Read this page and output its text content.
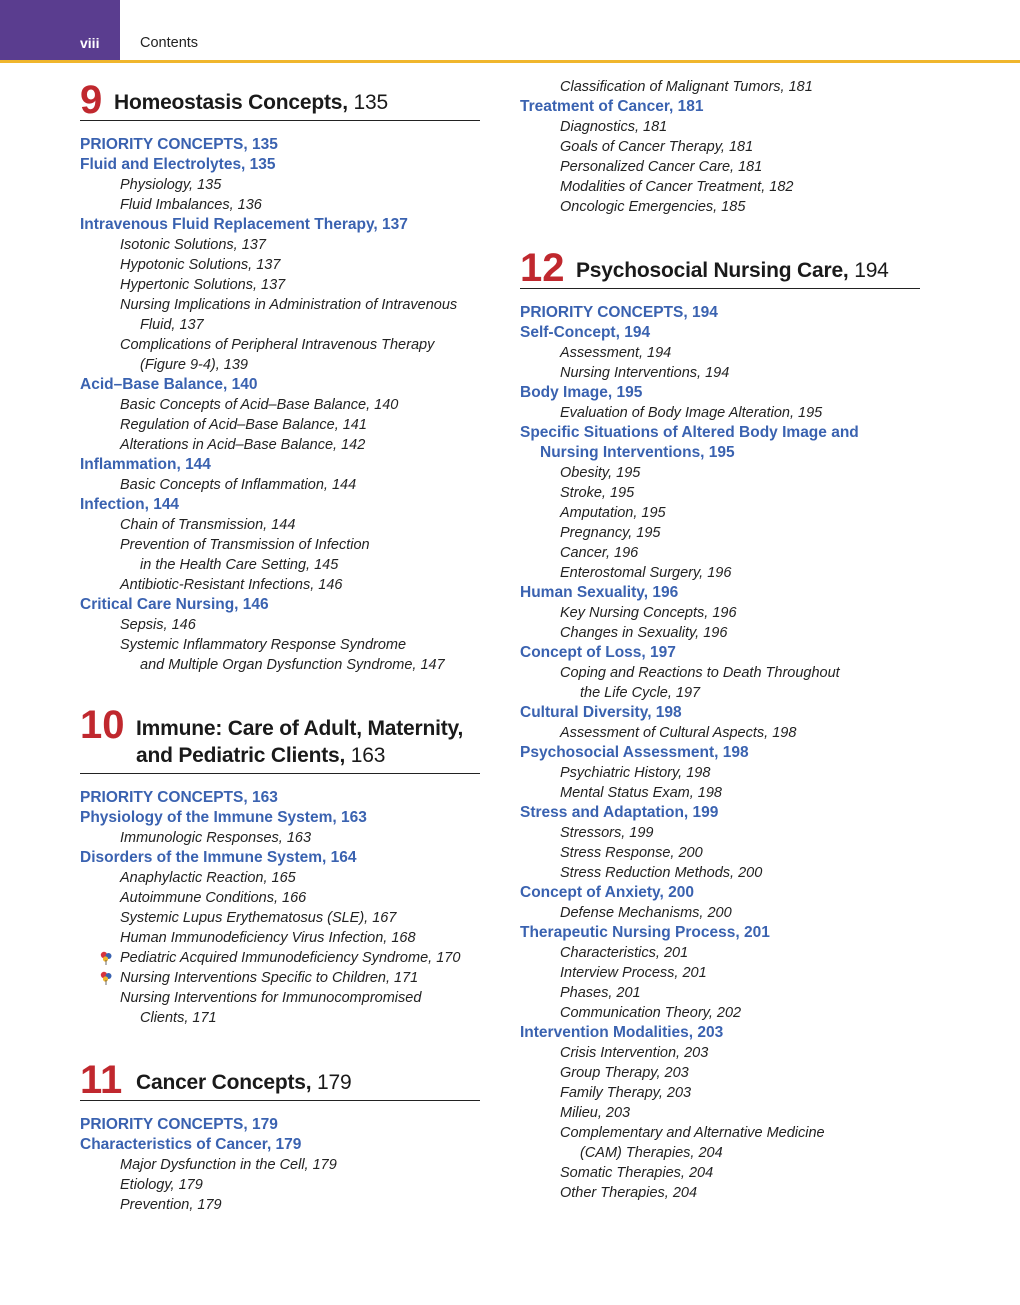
viii	Contents
9 Homeostasis Concepts, 135
PRIORITY CONCEPTS, 135
Fluid and Electrolytes, 135
Physiology, 135
Fluid Imbalances, 136
Intravenous Fluid Replacement Therapy, 137
Isotonic Solutions, 137
Hypotonic Solutions, 137
Hypertonic Solutions, 137
Nursing Implications in Administration of Intravenous
Fluid, 137
Complications of Peripheral Intravenous Therapy
(Figure 9-4), 139
Acid–Base Balance, 140
Basic Concepts of Acid–Base Balance, 140
Regulation of Acid–Base Balance, 141
Alterations in Acid–Base Balance, 142
Inflammation, 144
Basic Concepts of Inflammation, 144
Infection, 144
Chain of Transmission, 144
Prevention of Transmission of Infection
in the Health Care Setting, 145
Antibiotic-Resistant Infections, 146
Critical Care Nursing, 146
Sepsis, 146
Systemic Inflammatory Response Syndrome
and Multiple Organ Dysfunction Syndrome, 147
10 Immune: Care of Adult, Maternity,
and Pediatric Clients, 163
PRIORITY CONCEPTS, 163
Physiology of the Immune System, 163
Immunologic Responses, 163
Disorders of the Immune System, 164
Anaphylactic Reaction, 165
Autoimmune Conditions, 166
Systemic Lupus Erythematosus (SLE), 167
Human Immunodeficiency Virus Infection, 168
Pediatric Acquired Immunodeficiency Syndrome, 170
Nursing Interventions Specific to Children, 171
Nursing Interventions for Immunocompromised
Clients, 171
11 Cancer Concepts, 179
PRIORITY CONCEPTS, 179
Characteristics of Cancer, 179
Major Dysfunction in the Cell, 179
Etiology, 179
Prevention, 179
Classification of Malignant Tumors, 181
Treatment of Cancer, 181
Diagnostics, 181
Goals of Cancer Therapy, 181
Personalized Cancer Care, 181
Modalities of Cancer Treatment, 182
Oncologic Emergencies, 185
12 Psychosocial Nursing Care, 194
PRIORITY CONCEPTS, 194
Self-Concept, 194
Assessment, 194
Nursing Interventions, 194
Body Image, 195
Evaluation of Body Image Alteration, 195
Specific Situations of Altered Body Image and
Nursing Interventions, 195
Obesity, 195
Stroke, 195
Amputation, 195
Pregnancy, 195
Cancer, 196
Enterostomal Surgery, 196
Human Sexuality, 196
Key Nursing Concepts, 196
Changes in Sexuality, 196
Concept of Loss, 197
Coping and Reactions to Death Throughout
the Life Cycle, 197
Cultural Diversity, 198
Assessment of Cultural Aspects, 198
Psychosocial Assessment, 198
Psychiatric History, 198
Mental Status Exam, 198
Stress and Adaptation, 199
Stressors, 199
Stress Response, 200
Stress Reduction Methods, 200
Concept of Anxiety, 200
Defense Mechanisms, 200
Therapeutic Nursing Process, 201
Characteristics, 201
Interview Process, 201
Phases, 201
Communication Theory, 202
Intervention Modalities, 203
Crisis Intervention, 203
Group Therapy, 203
Family Therapy, 203
Milieu, 203
Complementary and Alternative Medicine
(CAM) Therapies, 204
Somatic Therapies, 204
Other Therapies, 204
